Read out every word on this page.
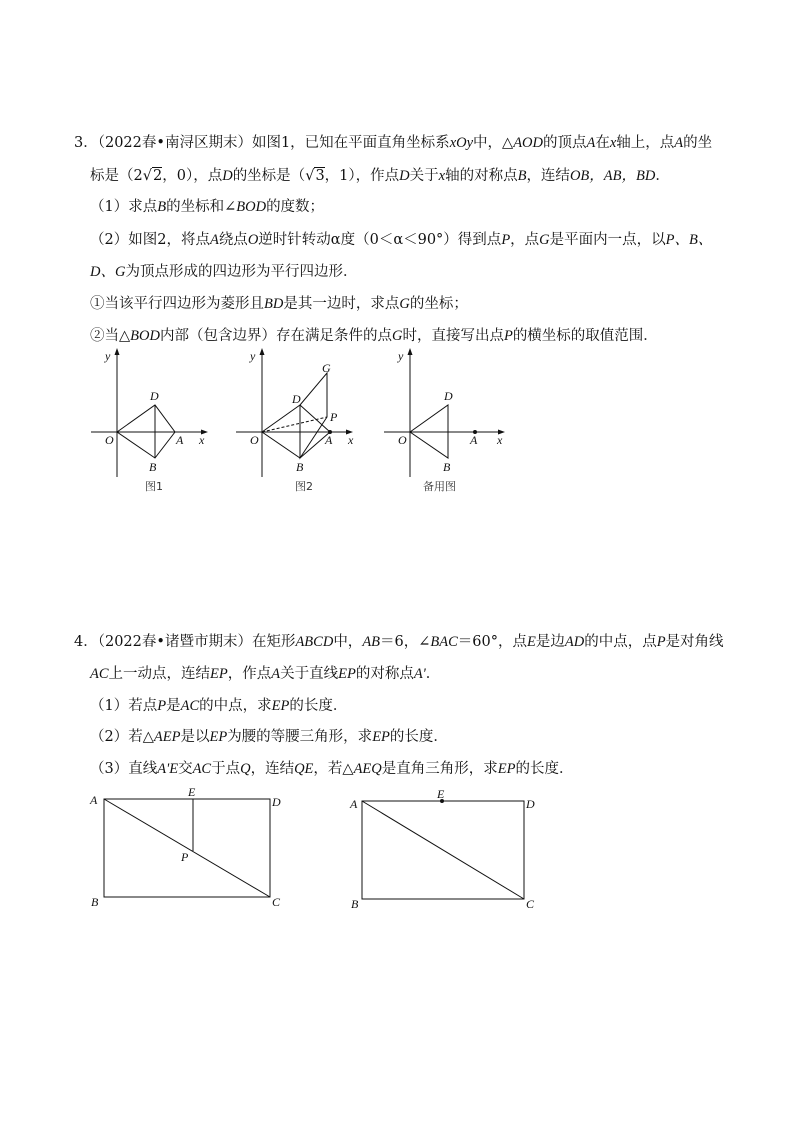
3．（2022春•南浔区期末）如图1，已知在平面直角坐标系xOy中，△AOD的顶点A在x轴上，点A的坐
标是（2√2，0），点D的坐标是（√3，1），作点D关于x轴的对称点B，连结OB，AB，BD．
（1）求点B的坐标和∠BOD的度数；
（2）如图2，将点A绕点O逆时针转动α度（0＜α＜90°）得到点P，点G是平面内一点，以P、B、
D、G为顶点形成的四边形为平行四边形．
①当该平行四边形为菱形且BD是其一边时，求点G的坐标；
②当△BOD内部（包含边界）存在满足条件的点G时，直接写出点P的横坐标的取值范围．
y
x
O	A
D
B
图1
y
x
O	A
D
B
G
P
图2
y
x
O	A
D
B
备用图
4．（2022春•诸暨市期末）在矩形ABCD中，AB＝6，∠BAC＝60°，点E是边AD的中点，点P是对角线
AC上一动点，连结EP，作点A关于直线EP的对称点A'．
（1）若点P是AC的中点，求EP的长度．
（2）若△AEP是以EP为腰的等腰三角形，求EP的长度．
（3）直线A'E交AC于点Q，连结QE，若△AEQ是直角三角形，求EP的长度．
A	D
B	C
E
P
A	D
B	C
E
